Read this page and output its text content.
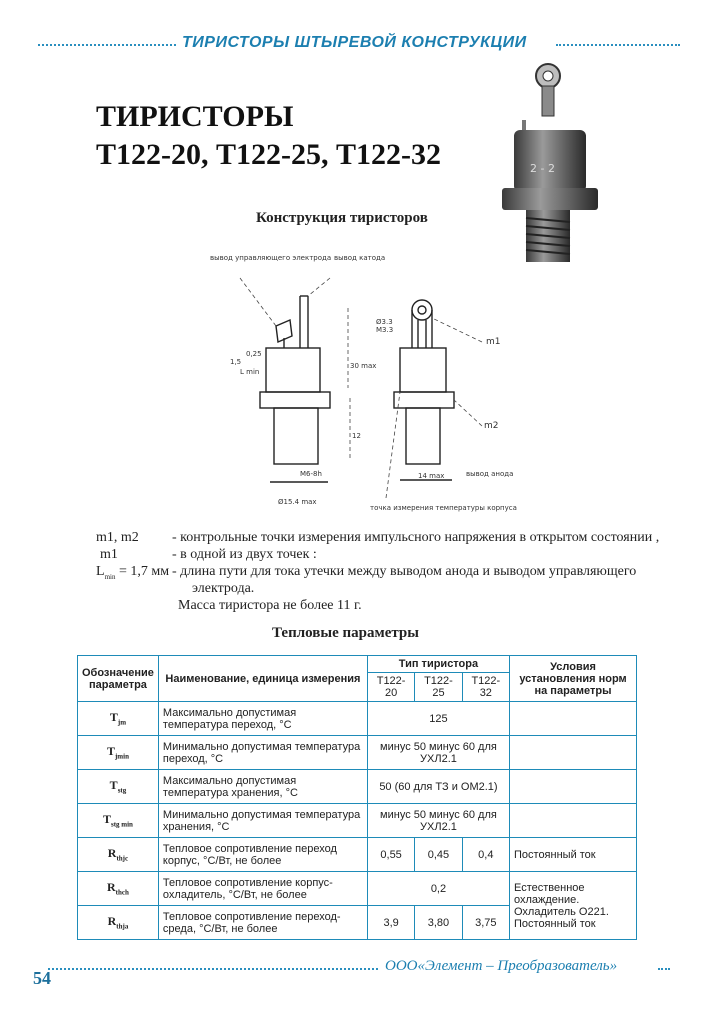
ТИРИСТОРЫ ШТЫРЕВОЙ КОНСТРУКЦИИ
ТИРИСТОРЫ
Т122-20, Т122-25, Т122-32	2 - 2
Конструкция тиристоров
вывод управляющего электрода вывод катода
m1
m2
вывод анода
L min
M6-8h
Ø15.4 max
14 max
30 max
12
точка измерения температуры корпуса
Ø3.3
M3.3
1,5
0,25
m1, m2 - контрольные точки измерения импульсного напряжения в открытом состоянии ,
m1	- в одной из двух точек :
$L_{min} = 1,7$ мм - длина пути для тока утечки между выводом анода и выводом управляющего
электрода.
Масса тиристора не более 11 г.
Тепловые параметры
Обозначение параметра	Наименование, единица измерения	Тип тиристора			Условия установления норм на параметры
		Т122-20	Т122-25	Т122-32	
$T_{jm}$	Максимально допустимая температура переход, °С	125			
$T_{jmin}$	Минимально допустимая температура переход, °С	минус 50 минус 60 для УХЛ2.1			
$T_{stg}$	Максимально допустимая температура хранения, °С	50 (60 для ТЗ и ОМ2.1)			
$T_{stg min}$	Минимально допустимая температура хранения, °С	минус 50 минус 60 для УХЛ2.1			
$R_{thjc}$	Тепловое сопротивление переход корпус, °С/Вт, не более	0,55	0,45	0,4	Постоянный ток
$R_{thch}$	Тепловое сопротивление корпус-охладитель, °С/Вт, не более	0,2			Естественное охлаждение. Охладитель О221. Постоянный ток
$R_{thja}$	Тепловое сопротивление переход-среда, °С/Вт, не более	3,9	3,80	3,75	
ООО«Элемент – Преобразователь»
54
